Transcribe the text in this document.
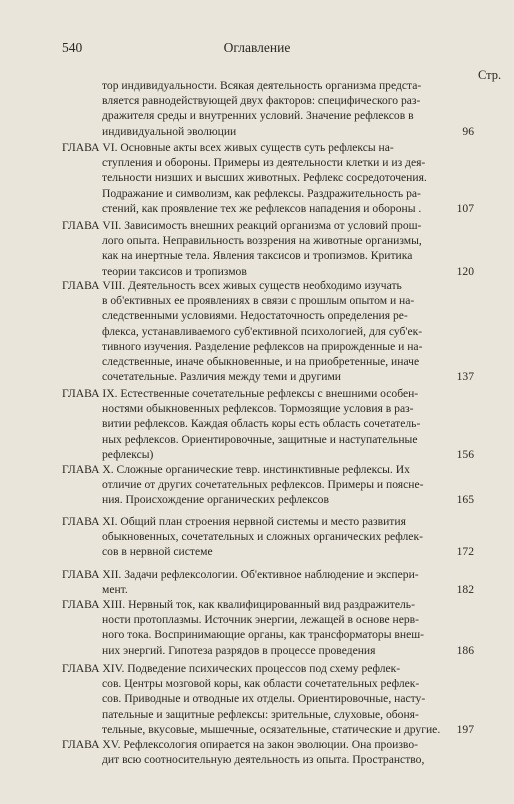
540	Оглавление
Стр.
тор индивидуальности. Всякая деятельность организма предста-
вляется равнодействующей двух факторов: специфического раз-
дражителя среды и внутренних условий. Значение рефлексов в
индивидуальной эволюции	96
ГЛАВА VI. Основные акты всех живых существ суть рефлексы на-
ступления и обороны. Примеры из деятельности клетки и из дея-
тельности низших и высших животных. Рефлекс сосредоточения.
Подражание и символизм, как рефлексы. Раздражительность ра-
стений, как проявление тех же рефлексов нападения и обороны .	107
ГЛАВА VII. Зависимость внешних реакций организма от условий прош-
лого опыта. Неправильность воззрения на животные организмы,
как на инертные тела. Явления таксисов и тропизмов. Критика
теории таксисов и тропизмов	120
ГЛАВА VIII. Деятельность всех живых существ необходимо изучать
в об'ективных ее проявлениях в связи с прошлым опытом и на-
следственными условиями. Недостаточность определения ре-
флекса, устанавливаемого суб'ективной психологией, для суб'ек-
тивного изучения. Разделение рефлексов на прирожденные и на-
следственные, иначе обыкновенные, и на приобретенные, иначе
сочетательные. Различия между теми и другими	137
ГЛАВА IX. Естественные сочетательные рефлексы с внешними особен-
ностями обыкновенных рефлексов. Тормозящие условия в раз-
витии рефлексов. Каждая область коры есть область сочетатель-
ных рефлексов. Ориентировочные, защитные и наступательные
рефлексы)	156
ГЛАВА X. Сложные органические тевр. инстинктивные рефлексы. Их
отличие от других сочетательных рефлексов. Примеры и поясне-
ния. Происхождение органических рефлексов	165
ГЛАВА XI. Общий план строения нервной системы и место развития
обыкновенных, сочетательных и сложных органических рефлек-
сов в нервной системе	172
ГЛАВА XII. Задачи рефлексологии. Об'ективное наблюдение и экспери-
мент.	182
ГЛАВА XIII. Нервный ток, как квалифицированный вид раздражитель-
ности протоплазмы. Источник энергии, лежащей в основе нерв-
ного тока. Воспринимающие органы, как трансформаторы внеш-
них энергий. Гипотеза разрядов в процессе проведения	186
ГЛАВА XIV. Подведение психических процессов под схему рефлек-
сов. Центры мозговой коры, как области сочетательных рефлек-
сов. Приводные и отводные их отделы. Ориентировочные, насту-
пательные и защитные рефлексы: зрительные, слуховые, обоня-
тельные, вкусовые, мышечные, осязательные, статические и другие.	197
ГЛАВА XV. Рефлексология опирается на закон эволюции. Она произво-
дит всю соотносительную деятельность из опыта. Пространство,
